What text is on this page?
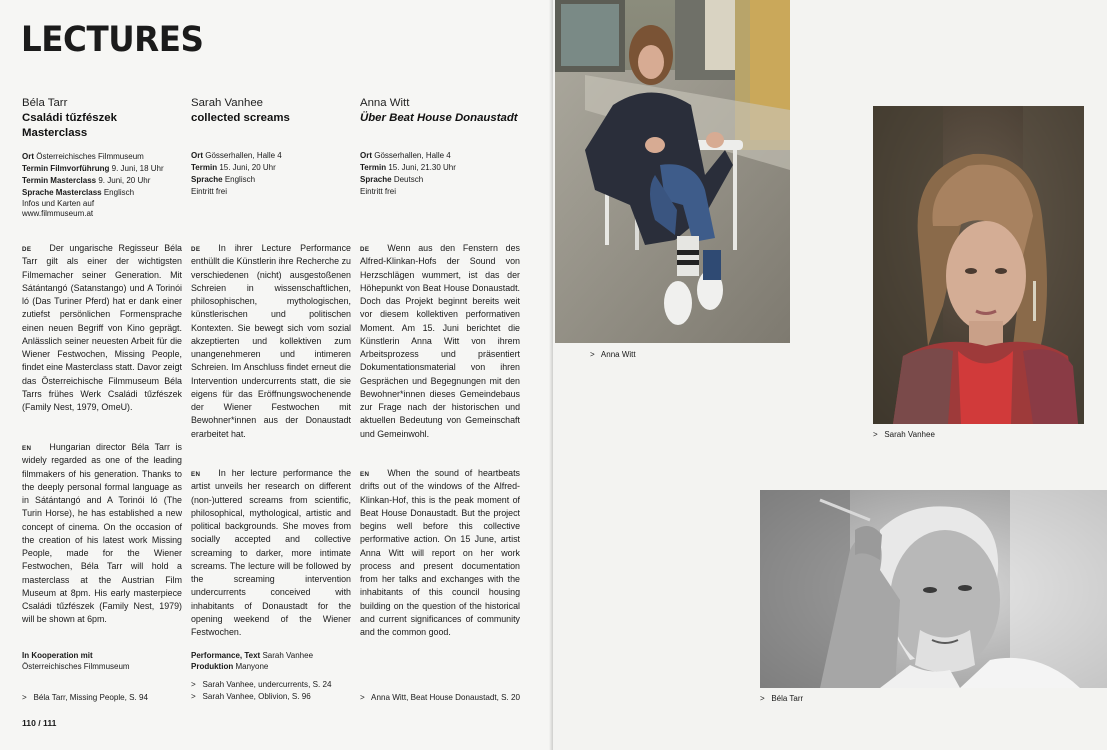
LECTURES
Béla Tarr
Családi tűzfészek
Masterclass
Ort Österreichisches Filmmuseum
Termin Filmvorführung 9. Juni, 18 Uhr
Termin Masterclass 9. Juni, 20 Uhr
Sprache Masterclass Englisch
Infos und Karten auf
www.filmmuseum.at
Sarah Vanhee
collected screams
Ort Gösserhallen, Halle 4
Termin 15. Juni, 20 Uhr
Sprache Englisch
Eintritt frei
Anna Witt
Über Beat House Donaustadt
Ort Gösserhallen, Halle 4
Termin 15. Juni, 21.30 Uhr
Sprache Deutsch
Eintritt frei
DE Der ungarische Regisseur Béla Tarr gilt als einer der wichtigsten Filmemacher seiner Generation. Mit Sátántangó (Satanstango) und A Torinói ló (Das Turiner Pferd) hat er dank einer zutiefst persönlichen Formensprache einen neuen Begriff von Kino geprägt. Anlässlich seiner neuesten Arbeit für die Wiener Festwochen, Missing People, findet eine Masterclass statt. Davor zeigt das Österreichische Filmmuseum Béla Tarrs frühes Werk Családi tűzfészek (Family Nest, 1979, OmeU).
DE In ihrer Lecture Performance enthüllt die Künstlerin ihre Recherche zu verschiedenen (nicht) ausgestoßenen Schreien in wissenschaftlichen, philosophischen, mythologischen, künstlerischen und politischen Kontexten. Sie bewegt sich vom sozial akzeptierten und kollektiven zum unangenehmeren und intimeren Schreien. Im Anschluss findet erneut die Intervention undercurrents statt, die sie eigens für das Eröffnungswochenende der Wiener Festwochen mit Bewohner*innen aus der Donaustadt erarbeitet hat.
DE Wenn aus den Fenstern des Alfred-Klinkan-Hofs der Sound von Herzschlägen wummert, ist das der Höhepunkt von Beat House Donaustadt. Doch das Projekt beginnt bereits weit vor diesem kollektiven performativen Moment. Am 15. Juni berichtet die Künstlerin Anna Witt von ihrem Arbeitsprozess und präsentiert Dokumentationsmaterial von ihren Gesprächen und Begegnungen mit den Bewohner*innen dieses Gemeindebaus zur Frage nach der historischen und aktuellen Bedeutung von Gemeinschaft und Gemeinwohl.
EN Hungarian director Béla Tarr is widely regarded as one of the leading filmmakers of his generation. Thanks to the deeply personal formal language as in Sátántangó and A Torinói ló (The Turin Horse), he has established a new concept of cinema. On the occasion of the creation of his latest work Missing People, made for the Wiener Festwochen, Béla Tarr will hold a masterclass at the Austrian Film Museum at 8pm. His early masterpiece Családi tűzfészek (Family Nest, 1979) will be shown at 6pm.
EN In her lecture performance the artist unveils her research on different (non-)uttered screams from scientific, philosophical, mythological, artistic and political backgrounds. She moves from socially accepted and collective screaming to darker, more intimate screams. The lecture will be followed by the screaming intervention undercurrents conceived with inhabitants of Donaustadt for the opening weekend of the Wiener Festwochen.
EN When the sound of heartbeats drifts out of the windows of the Alfred-Klinkan-Hof, this is the peak moment of Beat House Donaustadt. But the project begins well before this collective performative action. On 15 June, artist Anna Witt will report on her work process and present documentation from her talks and exchanges with the inhabitants of this council housing building on the question of the historical and current significances of community and the common good.
In Kooperation mit
Österreichisches Filmmuseum
Performance, Text Sarah Vanhee
Produktion Manyone
> Béla Tarr, Missing People, S. 94
> Sarah Vanhee, undercurrents, S. 24
> Sarah Vanhee, Oblivion, S. 96	> Anna Witt, Beat House Donaustadt, S. 20
110 / 111
> Anna Witt
> Sarah Vanhee
> Béla Tarr
